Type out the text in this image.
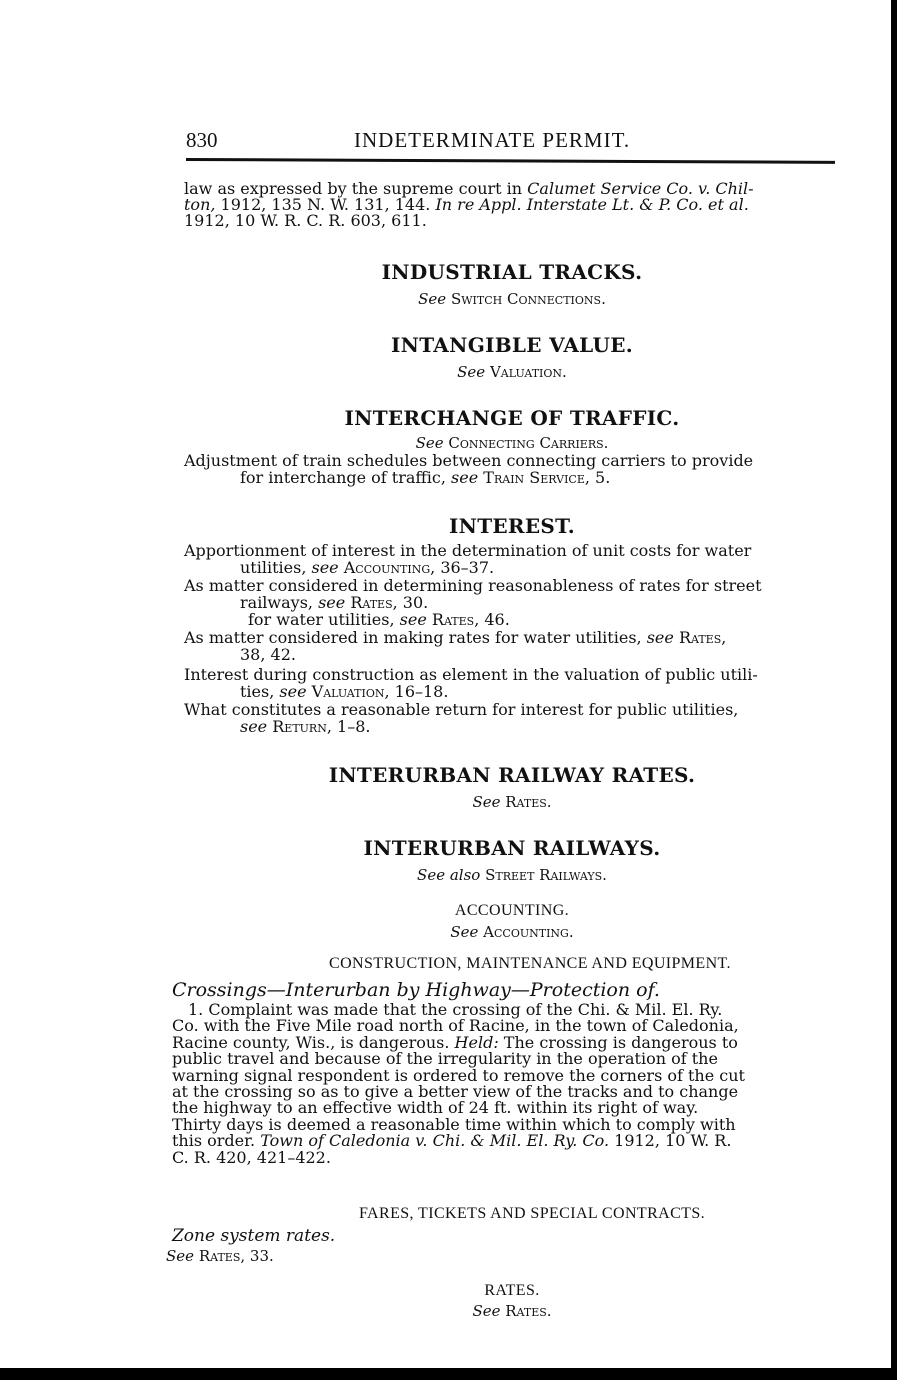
830	INDETERMINATE PERMIT.
law as expressed by the supreme court in Calumet Service Co. v. Chil-
ton, 1912, 135 N. W. 131, 144. In re Appl. Interstate Lt. & P. Co. et al.
1912, 10 W. R. C. R. 603, 611.
INDUSTRIAL TRACKS.
See Switch Connections.
INTANGIBLE VALUE.
See Valuation.
INTERCHANGE OF TRAFFIC.
See Connecting Carriers.
Adjustment of train schedules between connecting carriers to provide
for interchange of traffic, see Train Service, 5.
INTEREST.
Apportionment of interest in the determination of unit costs for water
utilities, see Accounting, 36–37.
As matter considered in determining reasonableness of rates for street
railways, see Rates, 30.
for water utilities, see Rates, 46.
As matter considered in making rates for water utilities, see Rates,
38, 42.
Interest during construction as element in the valuation of public utili-
ties, see Valuation, 16–18.
What constitutes a reasonable return for interest for public utilities,
see Return, 1–8.
INTERURBAN RAILWAY RATES.
See Rates.
INTERURBAN RAILWAYS.
See also Street Railways.
ACCOUNTING.
See Accounting.
CONSTRUCTION, MAINTENANCE AND EQUIPMENT.
Crossings—Interurban by Highway—Protection of.
1. Complaint was made that the crossing of the Chi. & Mil. El. Ry.
Co. with the Five Mile road north of Racine, in the town of Caledonia,
Racine county, Wis., is dangerous. Held: The crossing is dangerous to
public travel and because of the irregularity in the operation of the
warning signal respondent is ordered to remove the corners of the cut
at the crossing so as to give a better view of the tracks and to change
the highway to an effective width of 24 ft. within its right of way.
Thirty days is deemed a reasonable time within which to comply with
this order. Town of Caledonia v. Chi. & Mil. El. Ry. Co. 1912, 10 W. R.
C. R. 420, 421–422.
FARES, TICKETS AND SPECIAL CONTRACTS.
Zone system rates.
See Rates, 33.
RATES.
See Rates.
